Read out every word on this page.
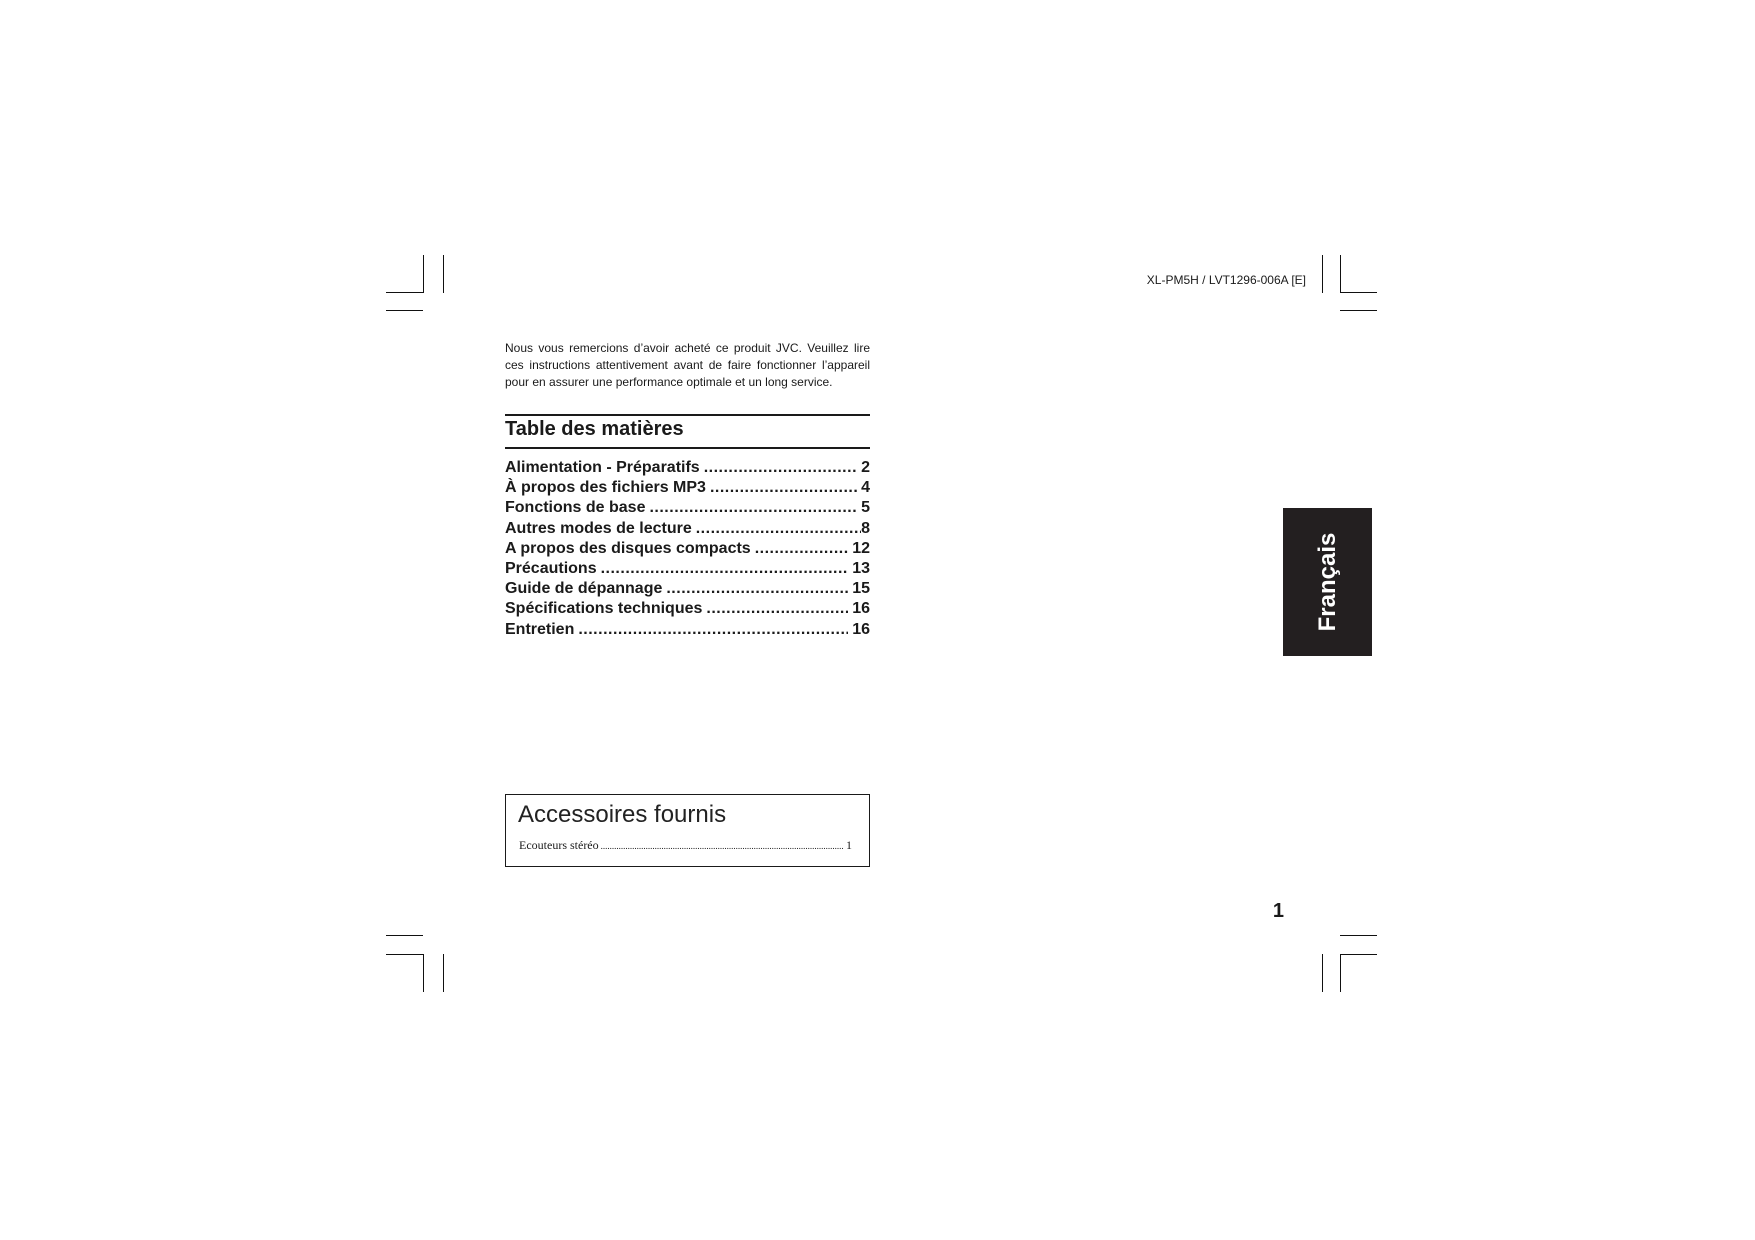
XL-PM5H / LVT1296-006A [E]

Nous vous remercions d’avoir acheté ce produit JVC. Veuillez lire ces instructions attentivement avant de faire fonctionner l’appareil pour en assurer une performance optimale et un long service.

Table des matières
Alimentation - Préparatifs .....	2
À propos des fichiers MP3 .....	4
Fonctions de base .....	5
Autres modes de lecture .....	8
A propos des disques compacts .....	12
Précautions .....	13
Guide de dépannage .....	15
Spécifications techniques .....	16
Entretien .....	16
Accessoires fournis
Ecouteurs stéréo .....	1
Français
1
